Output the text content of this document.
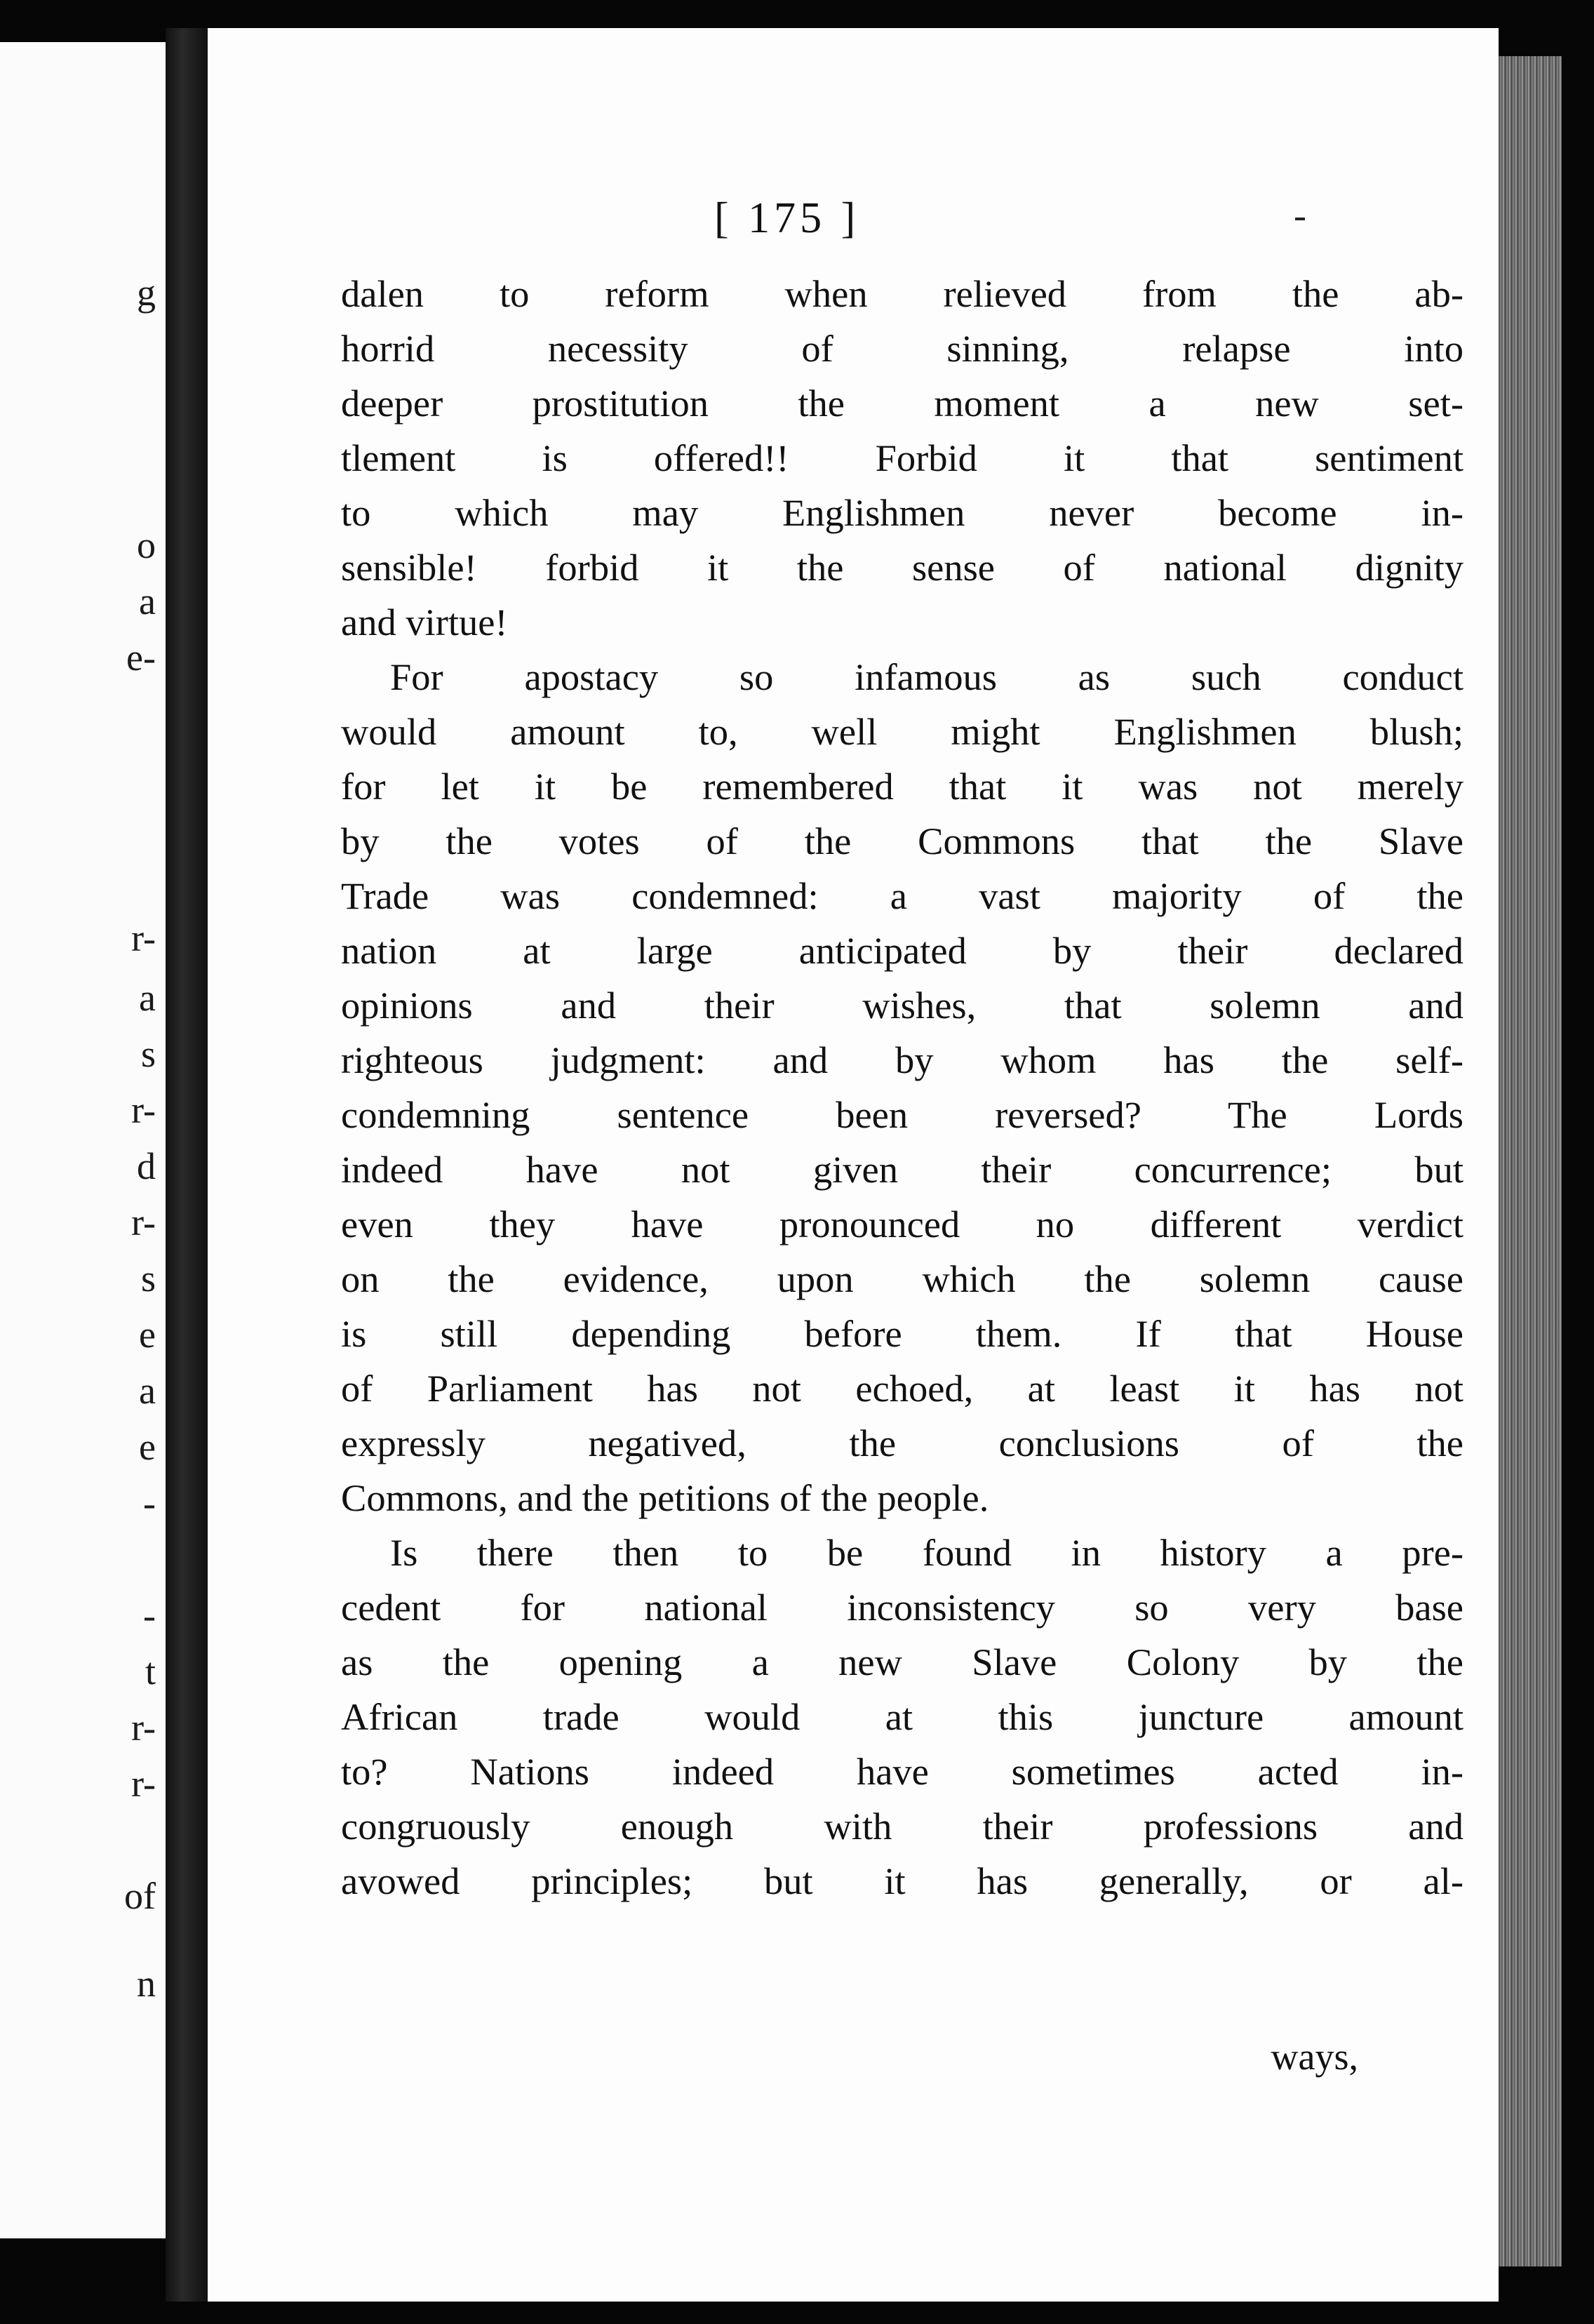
g
o
a
e-
r-
a
s
r-
d
r-
s
e
a
e
-
-
t
r-
r-
of
n
[ 175 ]
dalen to reform when relieved from the ab-
horrid necessity of sinning, relapse into
deeper prostitution the moment a new set-
tlement is offered!! Forbid it that sentiment
to which may Englishmen never become in-
sensible! forbid it the sense of national dignity
and virtue!
For apostacy so infamous as such conduct
would amount to, well might Englishmen blush;
for let it be remembered that it was not merely
by the votes of the Commons that the Slave
Trade was condemned: a vast majority of the
nation at large anticipated by their declared
opinions and their wishes, that solemn and
righteous judgment: and by whom has the self-
condemning sentence been reversed? The Lords
indeed have not given their concurrence; but
even they have pronounced no different verdict
on the evidence, upon which the solemn cause
is still depending before them. If that House
of Parliament has not echoed, at least it has not
expressly negatived, the conclusions of the
Commons, and the petitions of the people.
Is there then to be found in history a pre-
cedent for national inconsistency so very base
as the opening a new Slave Colony by the
African trade would at this juncture amount
to? Nations indeed have sometimes acted in-
congruously enough with their professions and
avowed principles; but it has generally, or al-
ways,
